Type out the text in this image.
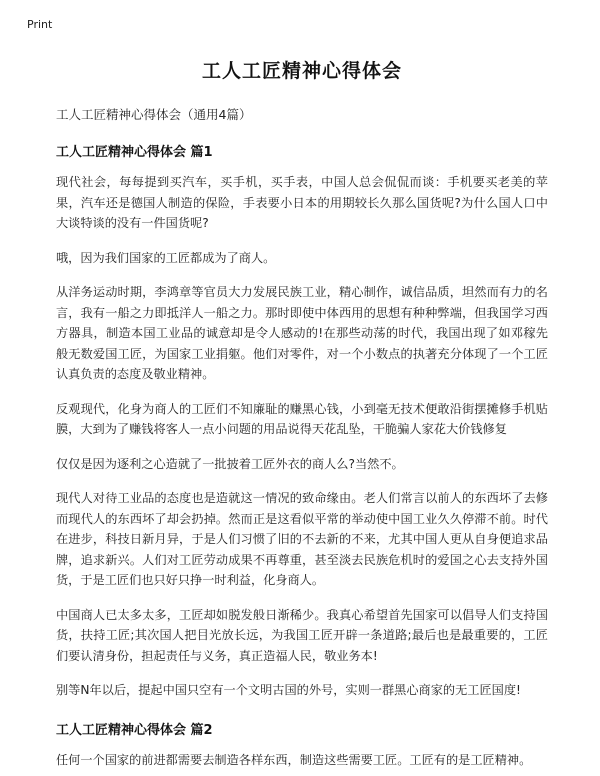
Print
工人工匠精神心得体会
工人工匠精神心得体会（通用4篇）
工人工匠精神心得体会 篇1

现代社会，每每提到买汽车，买手机，买手表，中国人总会侃侃而谈：手机要买老美的苹果，汽车还是德国人制造的保险，手表要小日本的用期较长久那么国货呢?为什么国人口中大谈特谈的没有一件国货呢?

哦，因为我们国家的工匠都成为了商人。

从洋务运动时期，李鸿章等官员大力发展民族工业，精心制作，诚信品质，坦然而有力的名言，我有一船之力即抵洋人一船之力。那时即使中体西用的思想有种种弊端，但我国学习西方器具，制造本国工业品的诚意却是令人感动的!在那些动荡的时代，我国出现了如邓稼先般无数爱国工匠，为国家工业捐躯。他们对零件，对一个小数点的执著充分体现了一个工匠认真负责的态度及敬业精神。

反观现代，化身为商人的工匠们不知廉耻的赚黑心钱，小到毫无技术便敢沿街摆摊修手机贴膜，大到为了赚钱将客人一点小问题的用品说得天花乱坠，干脆骗人家花大价钱修复

仅仅是因为逐利之心造就了一批披着工匠外衣的商人么?当然不。

现代人对待工业品的态度也是造就这一情况的致命缘由。老人们常言以前人的东西坏了去修而现代人的东西坏了却会扔掉。然而正是这看似平常的举动使中国工业久久停滞不前。时代在进步，科技日新月异，于是人们习惯了旧的不去新的不来，尤其中国人更从自身便追求品牌，追求新兴。人们对工匠劳动成果不再尊重，甚至淡去民族危机时的爱国之心去支持外国货，于是工匠们也只好只挣一时利益，化身商人。

中国商人已太多太多，工匠却如脱发般日渐稀少。我真心希望首先国家可以倡导人们支持国货，扶持工匠;其次国人把目光放长远，为我国工匠开辟一条道路;最后也是最重要的，工匠们要认清身份，担起责任与义务，真正造福人民，敬业务本!

别等N年以后，提起中国只空有一个文明古国的外号，实则一群黑心商家的无工匠国度!

工人工匠精神心得体会 篇2

任何一个国家的前进都需要去制造各样东西，制造这些需要工匠。工匠有的是工匠精神。
